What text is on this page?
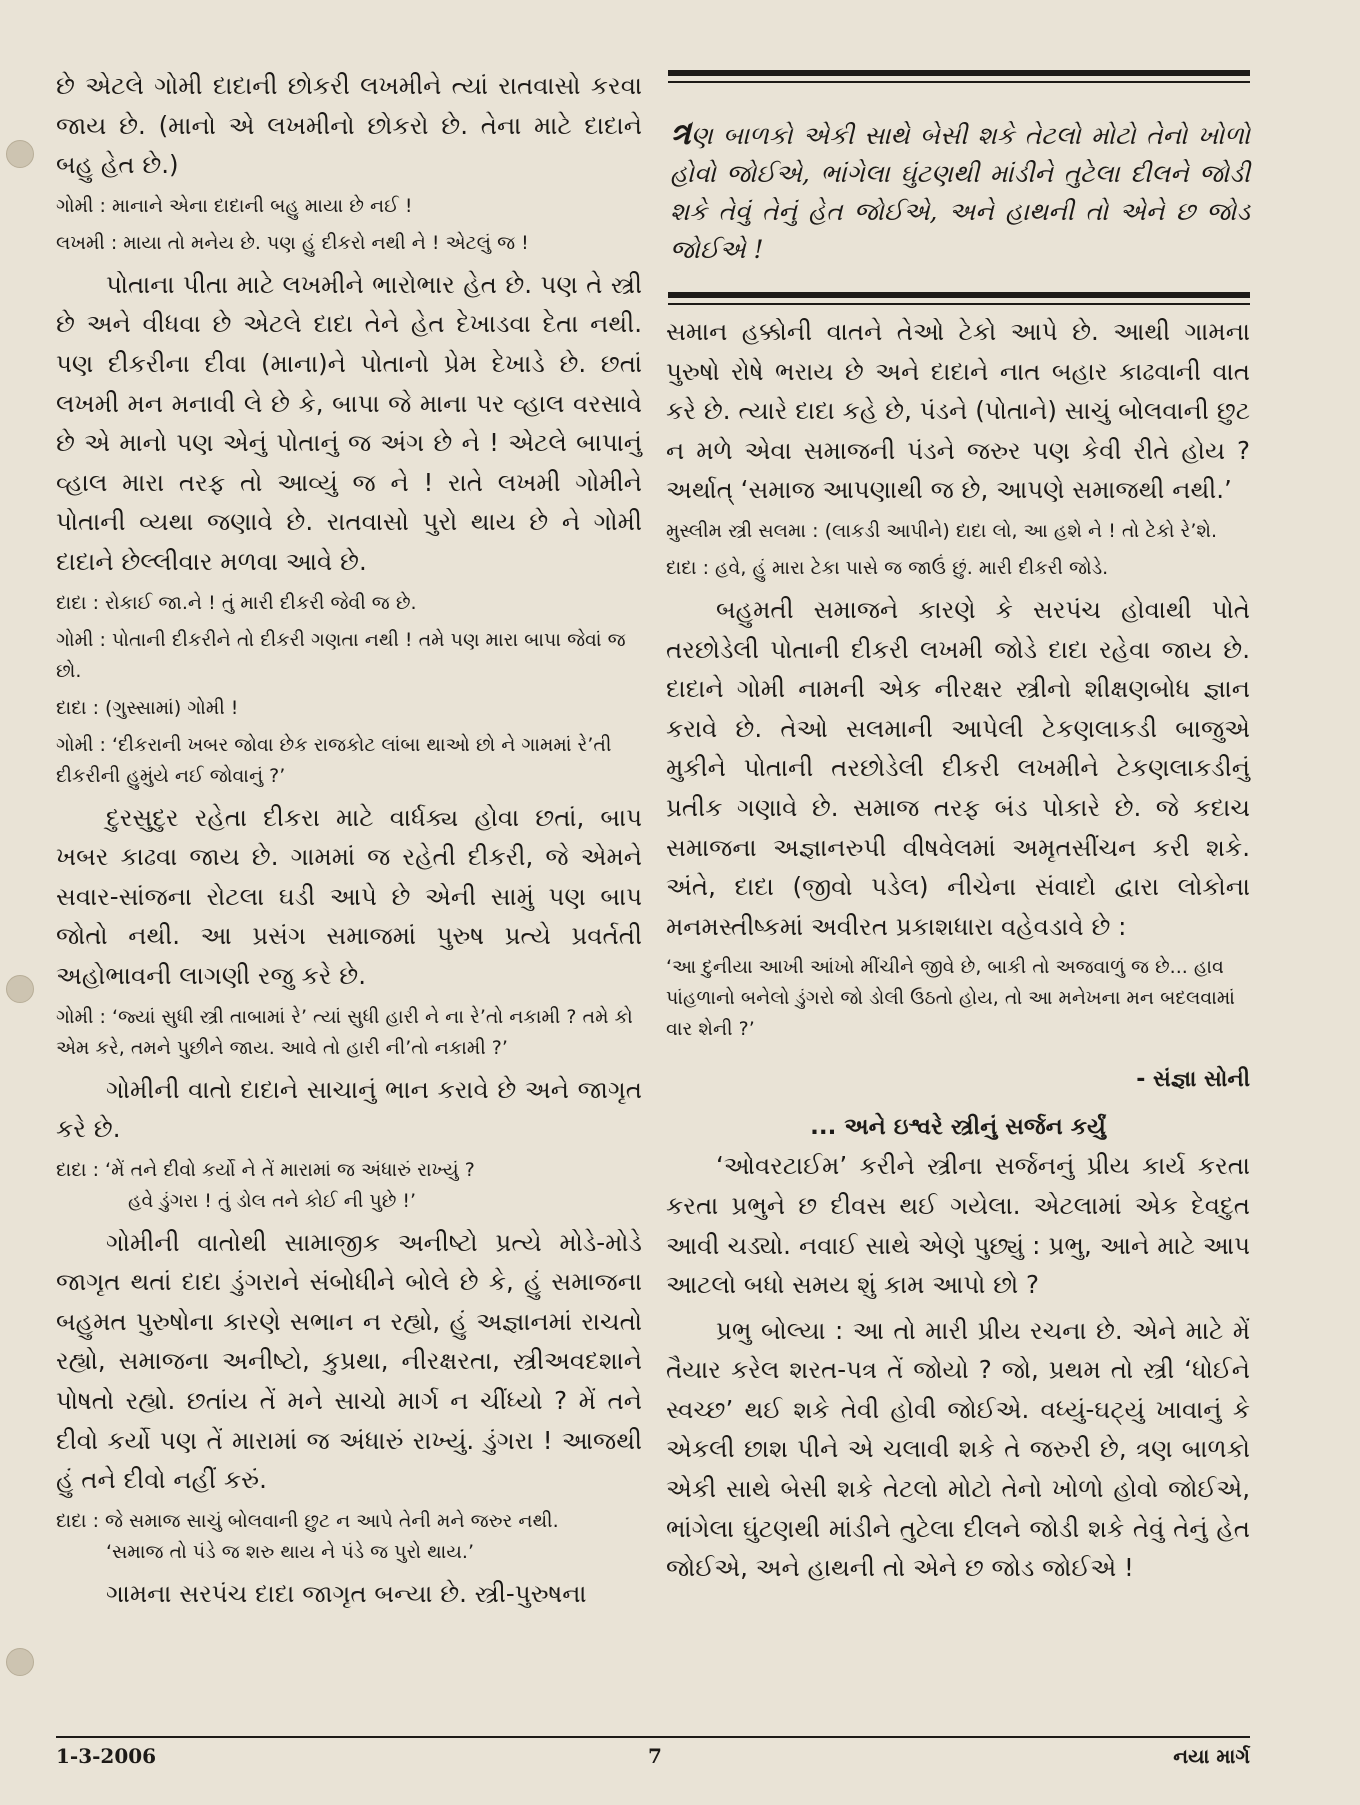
છે એટલે ગોમી દાદાની છોકરી લખમીને ત્યાં રાતવાસો કરવા જાય છે. (માનો એ લખમીનો છોકરો છે. તેના માટે દાદાને બહુ હેત છે.)

ગોમી : માનાને એના દાદાની બહુ માયા છે નઈ !

લખમી : માયા તો મનેય છે. પણ હું દીકરો નથી ને ! એટલું જ !

પોતાના પીતા માટે લખમીને ભારોભાર હેત છે. પણ તે સ્ત્રી છે અને વીધવા છે એટલે દાદા તેને હેત દેખાડવા દેતા નથી. પણ દીકરીના દીવા (માના)ને પોતાનો પ્રેમ દેખાડે છે. છતાં લખમી મન મનાવી લે છે કે, બાપા જે માના પર વ્હાલ વરસાવે છે એ માનો પણ એનું પોતાનું જ અંગ છે ને ! એટલે બાપાનું વ્હાલ મારા તરફ તો આવ્યું જ ને ! રાતે લખમી ગોમીને પોતાની વ્યથા જણાવે છે. રાતવાસો પુરો થાય છે ને ગોમી દાદાને છેલ્લીવાર મળવા આવે છે.

દાદા : રોકાઈ જા.ને ! તું મારી દીકરી જેવી જ છે.

ગોમી : પોતાની દીકરીને તો દીકરી ગણતા નથી ! તમે પણ મારા બાપા જેવાં જ છો.

દાદા : (ગુસ્સામાં) ગોમી !

ગોમી : ‘દીકરાની ખબર જોવા છેક રાજકોટ લાંબા થાઓ છો ને ગામમાં રે’તી દીકરીની હુમુંયે નઈ જોવાનું ?’

દુરસુદુર રહેતા દીકરા માટે વાર્ધક્ય હોવા છતાં, બાપ ખબર કાઢવા જાય છે. ગામમાં જ રહેતી દીકરી, જે એમને સવાર-સાંજના રોટલા ઘડી આપે છે એની સામું પણ બાપ જોતો નથી. આ પ્રસંગ સમાજમાં પુરુષ પ્રત્યે પ્રવર્તતી અહોભાવની લાગણી રજુ કરે છે.

ગોમી : ‘જ્યાં સુધી સ્ત્રી તાબામાં રે’ ત્યાં સુધી હારી ને ના રે’તો નકામી ? તમે કો એમ કરે, તમને પુછીને જાય. આવે તો હારી ની’તો નકામી ?’

ગોમીની વાતો દાદાને સાચાનું ભાન કરાવે છે અને જાગૃત કરે છે.

દાદા : ‘મેં તને દીવો કર્યો ને તેં મારામાં જ અંધારું રાખ્યું ?
હવે ડુંગરા ! તું ડોલ તને કોઈ ની પુછે !’

ગોમીની વાતોથી સામાજીક અનીષ્ટો પ્રત્યે મોડે-મોડે જાગૃત થતાં દાદા ડુંગરાને સંબોધીને બોલે છે કે, હું સમાજના બહુમત પુરુષોના કારણે સભાન ન રહ્યો, હું અજ્ઞાનમાં રાચતો રહ્યો, સમાજના અનીષ્ટો, કુપ્રથા, નીરક્ષરતા, સ્ત્રીઅવદશાને પોષતો રહ્યો. છતાંય તેં મને સાચો માર્ગ ન ચીંધ્યો ? મેં તને દીવો કર્યો પણ તેં મારામાં જ અંધારું રાખ્યું. ડુંગરા ! આજથી હું તને દીવો નહીં કરું.

દાદા : જે સમાજ સાચું બોલવાની છુટ ન આપે તેની મને જરુર નથી.
‘સમાજ તો પંડે જ શરુ થાય ને પંડે જ પુરો થાય.’

ગામના સરપંચ દાદા જાગૃત બન્યા છે. સ્ત્રી-પુરુષના

ત્રણ બાળકો એકી સાથે બેસી શકે તેટલો મોટો તેનો ખોળો હોવો જોઈએ, ભાંગેલા ઘુંટણથી માંડીને તુટેલા દીલને જોડી શકે તેવું તેનું હેત જોઈએ, અને હાથની તો એને છ જોડ જોઈએ !

સમાન હક્કોની વાતને તેઓ ટેકો આપે છે. આથી ગામના પુરુષો રોષે ભરાય છે અને દાદાને નાત બહાર કાઢવાની વાત કરે છે. ત્યારે દાદા કહે છે, પંડને (પોતાને) સાચું બોલવાની છુટ ન મળે એવા સમાજની પંડને જરુર પણ કેવી રીતે હોય ? અર્થાત્ ‘સમાજ આપણાથી જ છે, આપણે સમાજથી નથી.’

મુસ્લીમ સ્ત્રી સલમા : (લાકડી આપીને) દાદા લો, આ હશે ને ! તો ટેકો રે’શે.

દાદા : હવે, હું મારા ટેકા પાસે જ જાઉં છું. મારી દીકરી જોડે.

બહુમતી સમાજને કારણે કે સરપંચ હોવાથી પોતે તરછોડેલી પોતાની દીકરી લખમી જોડે દાદા રહેવા જાય છે. દાદાને ગોમી નામની એક નીરક્ષર સ્ત્રીનો શીક્ષણબોધ જ્ઞાન કરાવે છે. તેઓ સલમાની આપેલી ટેકણલાકડી બાજુએ મુકીને પોતાની તરછોડેલી દીકરી લખમીને ટેકણલાકડીનું પ્રતીક ગણાવે છે. સમાજ તરફ બંડ પોકારે છે. જે કદાચ સમાજના અજ્ઞાનરુપી વીષવેલમાં અમૃતસીંચન કરી શકે. અંતે, દાદા (જીવો પડેલ) નીચેના સંવાદો દ્વારા લોકોના મનમસ્તીષ્કમાં અવીરત પ્રકાશધારા વહેવડાવે છે :

‘આ દુનીયા આખી આંખો મીંચીને જીવે છે, બાકી તો અજવાળું જ છે... હાવ પાંહળાનો બનેલો ડુંગરો જો ડોલી ઉઠતો હોય, તો આ મનેખના મન બદલવામાં વાર શેની ?’

- સંજ્ઞા સોની

... અને ઇશ્વરે સ્ત્રીનું સર્જન કર્યું

‘ઓવરટાઈમ’ કરીને સ્ત્રીના સર્જનનું પ્રીય કાર્ય કરતા કરતા પ્રભુને છ દીવસ થઈ ગયેલા. એટલામાં એક દેવદુત આવી ચડ્યો. નવાઈ સાથે એણે પુછ્યું : પ્રભુ, આને માટે આપ આટલો બધો સમય શું કામ આપો છો ?

પ્રભુ બોલ્યા : આ તો મારી પ્રીય રચના છે. એને માટે મેં તૈયાર કરેલ શરત-પત્ર તેં જોયો ? જો, પ્રથમ તો સ્ત્રી ‘ધોઈને સ્વચ્છ’ થઈ શકે તેવી હોવી જોઈએ. વધ્યું-ઘટ્યું ખાવાનું કે એકલી છાશ પીને એ ચલાવી શકે તે જરુરી છે, ત્રણ બાળકો એકી સાથે બેસી શકે તેટલો મોટો તેનો ખોળો હોવો જોઈએ, ભાંગેલા ઘુંટણથી માંડીને તુટેલા દીલને જોડી શકે તેવું તેનું હેત જોઈએ, અને હાથની તો એને છ જોડ જોઈએ !

1-3-2006	7	નયા માર્ગ
